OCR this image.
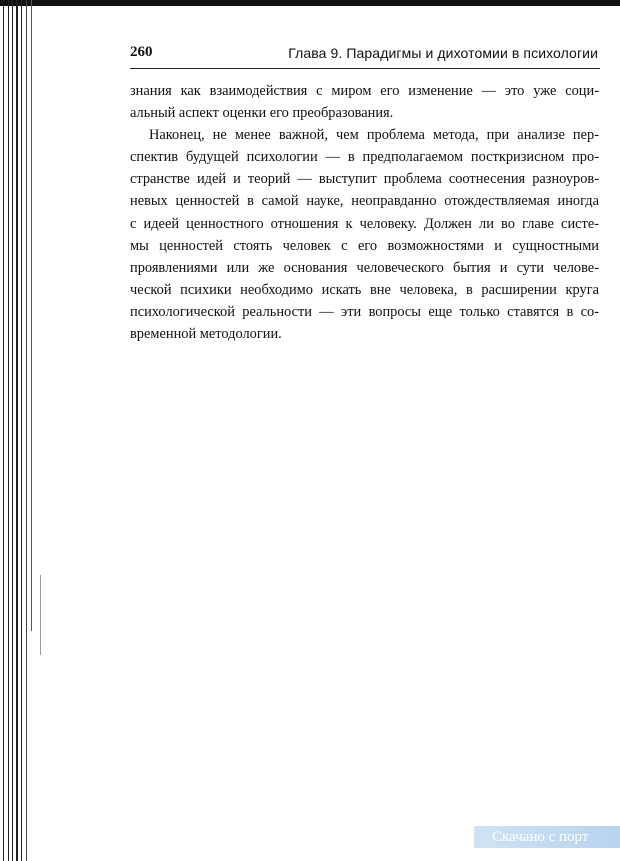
260	Глава 9. Парадигмы и дихотомии в психологии

знания как взаимодействия с миром его изменение — это уже соци-
альный аспект оценки его преобразования.

Наконец, не менее важной, чем проблема метода, при анализе пер-
спектив будущей психологии — в предполагаемом посткризисном про-
странстве идей и теорий — выступит проблема соотнесения разноуров-
невых ценностей в самой науке, неоправданно отождествляемая иногда
с идеей ценностного отношения к человеку. Должен ли во главе систе-
мы ценностей стоять человек с его возможностями и сущностными
проявлениями или же основания человеческого бытия и сути челове-
ческой психики необходимо искать вне человека, в расширении круга
психологической реальности — эти вопросы еще только ставятся в со-
временной методологии.

Скачано с порт
